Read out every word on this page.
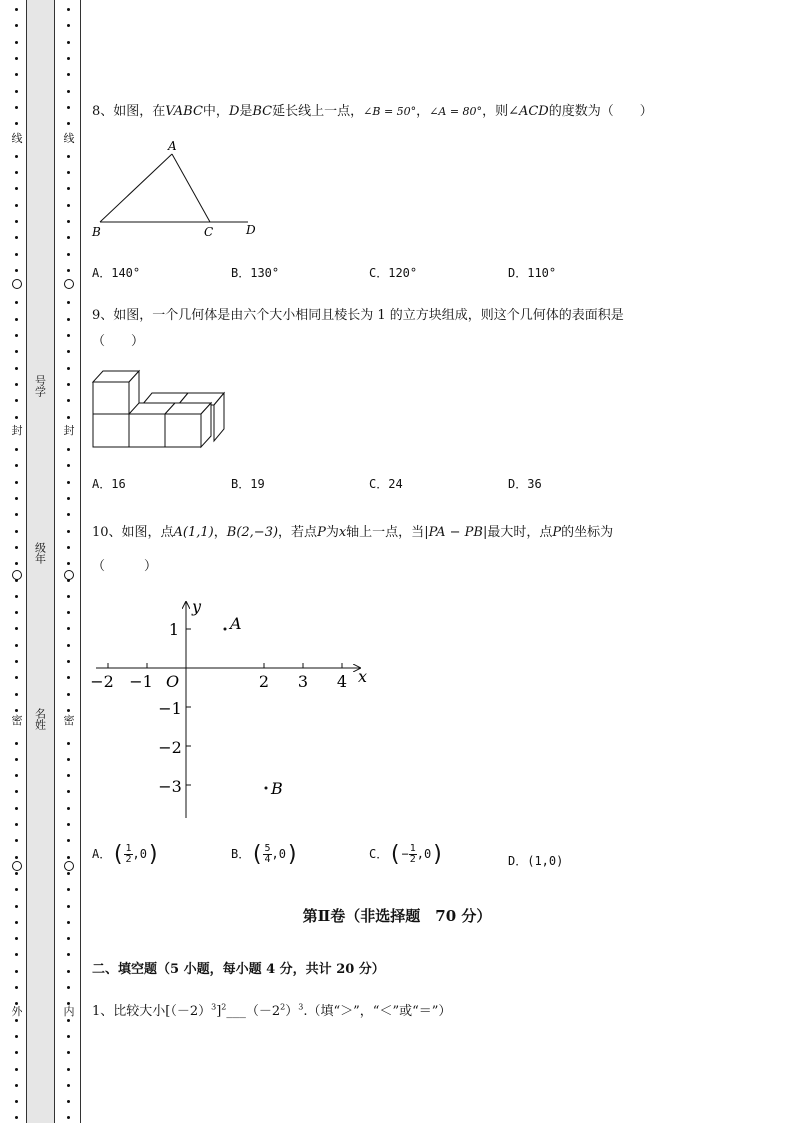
线
封
密
外
线
封
密
内
号学
级年
名姓
8、如图，在VABC中，D是BC延长线上一点，∠B = 50°，∠A = 80°，则∠ACD的度数为（　　）
A
B	C	D
A．140°	B．130°	C．120°	D．110°
9、如图，一个几何体是由六个大小相同且棱长为 1 的立方块组成，则这个几何体的表面积是
（　　）
A．16	B．19	C．24	D．36
10、如图，点A(1,1)，B(2,−3)，若点P为x轴上一点，当|PA − PB|最大时，点P的坐标为
（　　　）
−2 −1	2 3 4
1
−1
−2
−3
O	x
y
A
B
A．( $\frac{1}{2} ,0$)	B．( $\frac{5}{4} ,0$)	C．(− $\frac{1}{2} ,0$)	D．(1,0)
第Ⅱ卷（非选择题　70 分）
二、填空题（5 小题，每小题 4 分，共计 20 分）
1、比较大小$[(-2)^3]^2\_\_\_(-2^2)^3$.（填“＞”，“＜”或“＝”）
